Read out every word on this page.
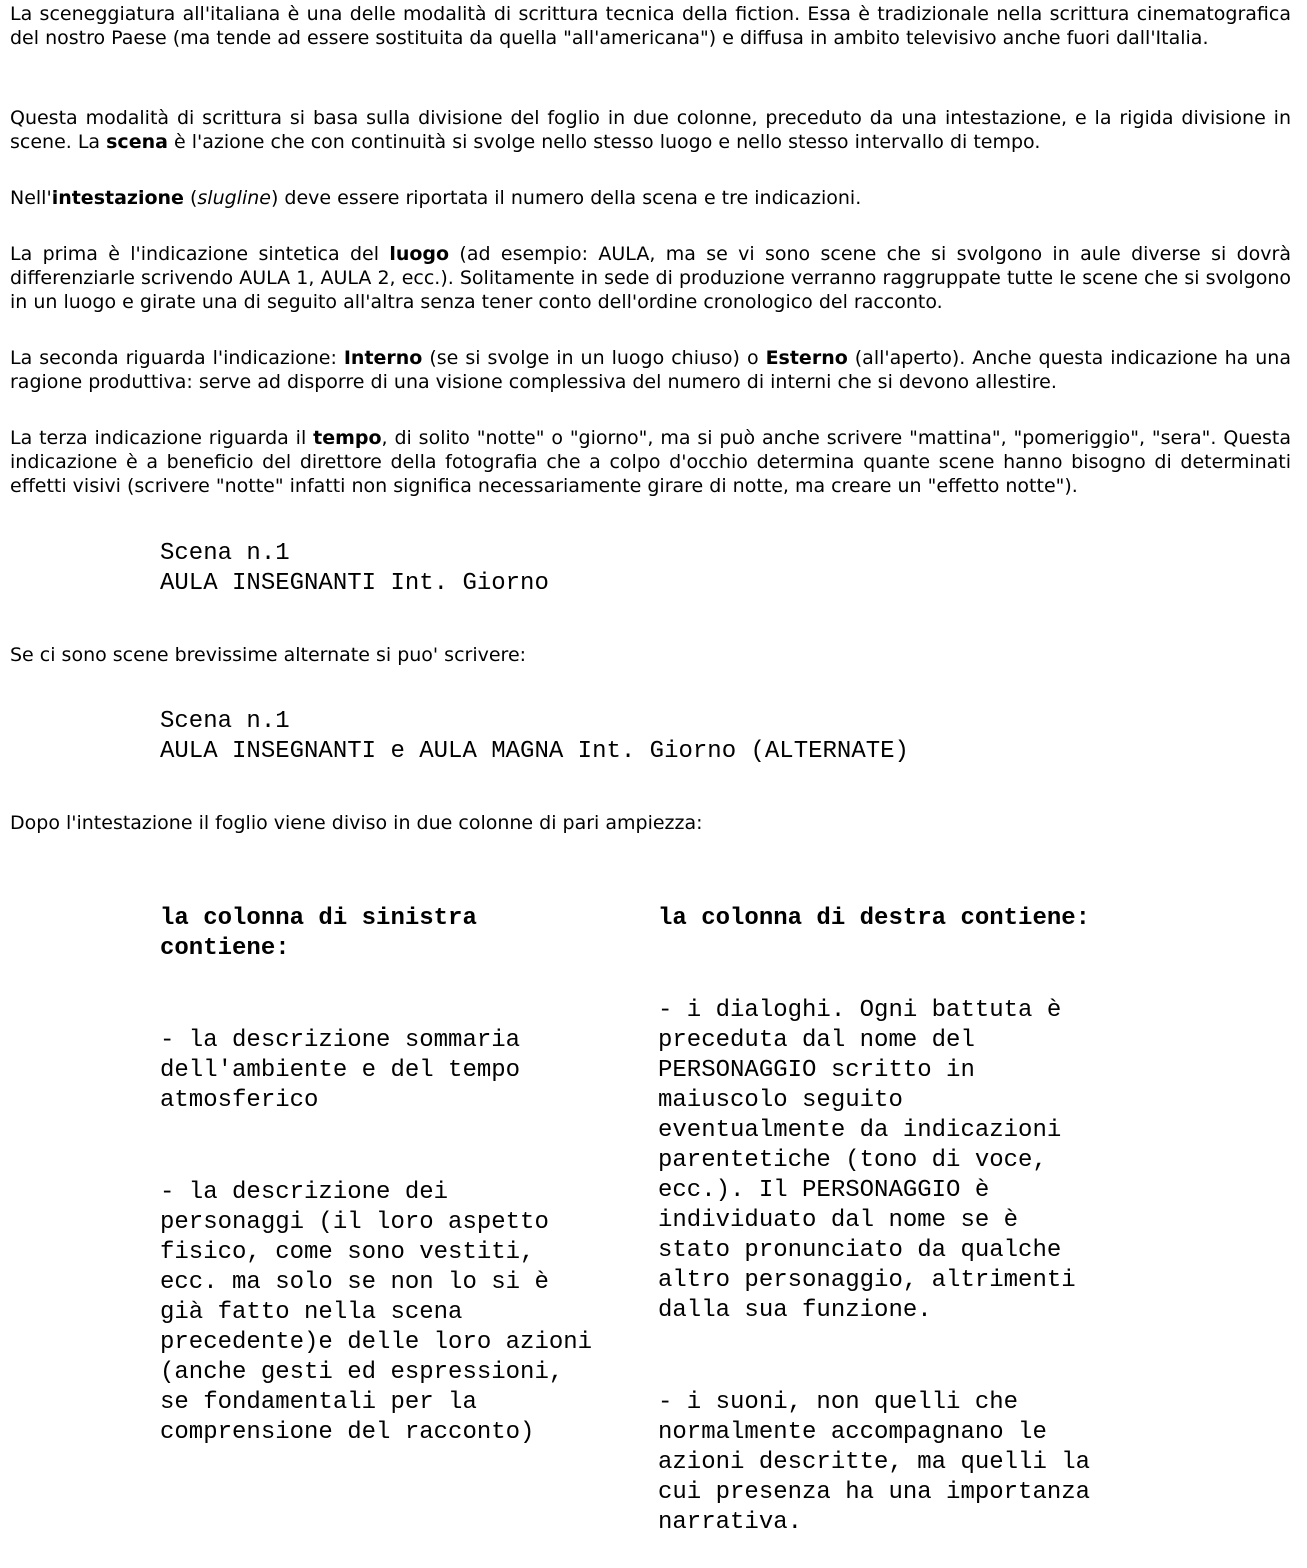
La sceneggiatura all'italiana è una delle modalità di scrittura tecnica della fiction. Essa è tradizionale nella scrittura cinematografica del nostro Paese (ma tende ad essere sostituita da quella "all'americana") e diffusa in ambito televisivo anche fuori dall'Italia.

Questa modalità di scrittura si basa sulla divisione del foglio in due colonne, preceduto da una intestazione, e la rigida divisione in scene. La scena è l'azione che con continuità si svolge nello stesso luogo e nello stesso intervallo di tempo.

Nell'intestazione (slugline) deve essere riportata il numero della scena e tre indicazioni.

La prima è l'indicazione sintetica del luogo (ad esempio: AULA, ma se vi sono scene che si svolgono in aule diverse si dovrà differenziarle scrivendo AULA 1, AULA 2, ecc.). Solitamente in sede di produzione verranno raggruppate tutte le scene che si svolgono in un luogo e girate una di seguito all'altra senza tener conto dell'ordine cronologico del racconto.

La seconda riguarda l'indicazione: Interno (se si svolge in un luogo chiuso) o Esterno (all'aperto). Anche questa indicazione ha una ragione produttiva: serve ad disporre di una visione complessiva del numero di interni che si devono allestire.

La terza indicazione riguarda il tempo, di solito "notte" o "giorno", ma si può anche scrivere "mattina", "pomeriggio", "sera". Questa indicazione è a beneficio del direttore della fotografia che a colpo d'occhio determina quante scene hanno bisogno di determinati effetti visivi (scrivere "notte" infatti non significa necessariamente girare di notte, ma creare un "effetto notte").

Scena n.1
AULA INSEGNANTI Int. Giorno

Se ci sono scene brevissime alternate si puo' scrivere:

Scena n.1
AULA INSEGNANTI e AULA MAGNA Int. Giorno (ALTERNATE)

Dopo l'intestazione il foglio viene diviso in due colonne di pari ampiezza:

la colonna di sinistra
contiene:

- la descrizione sommaria
dell'ambiente e del tempo
atmosferico

- la descrizione dei
personaggi (il loro aspetto
fisico, come sono vestiti,
ecc. ma solo se non lo si è
già fatto nella scena
precedente)e delle loro azioni
(anche gesti ed espressioni,
se fondamentali per la
comprensione del racconto)

la colonna di destra contiene:

- i dialoghi. Ogni battuta è
preceduta dal nome del
PERSONAGGIO scritto in
maiuscolo seguito
eventualmente da indicazioni
parentetiche (tono di voce,
ecc.). Il PERSONAGGIO è
individuato dal nome se è
stato pronunciato da qualche
altro personaggio, altrimenti
dalla sua funzione.

- i suoni, non quelli che
normalmente accompagnano le
azioni descritte, ma quelli la
cui presenza ha una importanza
narrativa.
